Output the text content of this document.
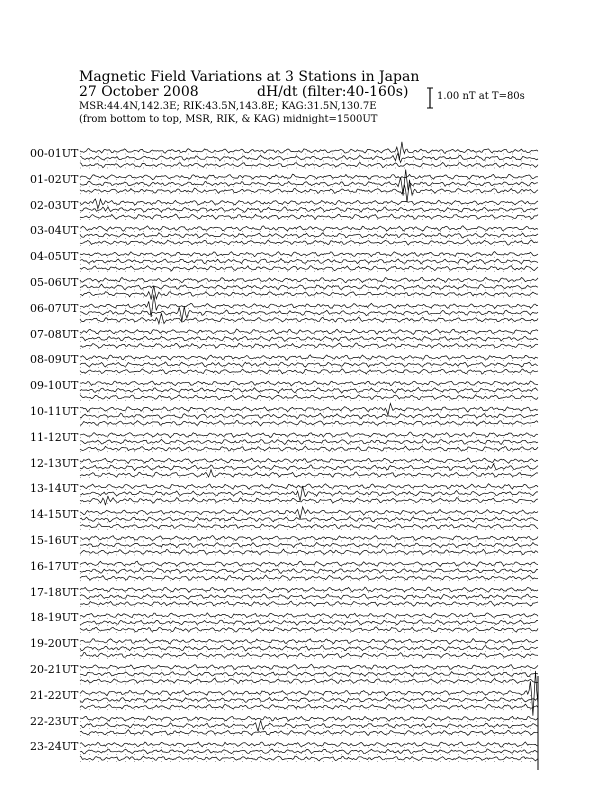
Magnetic Field Variations at 3 Stations in Japan
27 October 2008	dH/dt (filter:40-160s)
MSR:44.4N,142.3E; RIK:43.5N,143.8E; KAG:31.5N,130.7E
(from bottom to top, MSR, RIK, & KAG) midnight=1500UT
1.00 nT at T=80s
00-01UT
01-02UT
02-03UT
03-04UT
04-05UT
05-06UT
06-07UT
07-08UT
08-09UT
09-10UT
10-11UT
11-12UT
12-13UT
13-14UT
14-15UT
15-16UT
16-17UT
17-18UT
18-19UT
19-20UT
20-21UT
21-22UT
22-23UT
23-24UT
